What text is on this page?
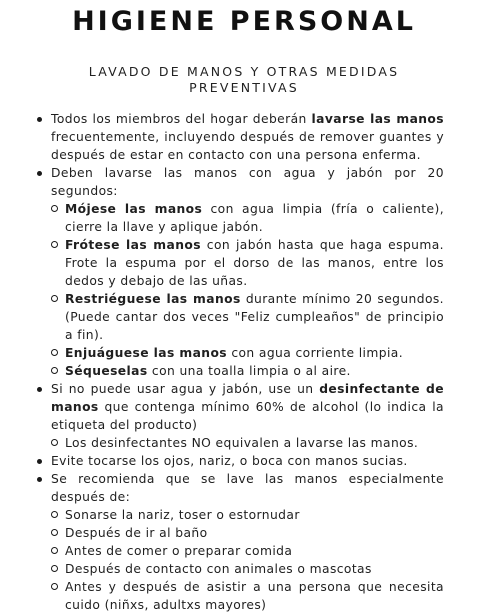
HIGIENE PERSONAL
LAVADO DE MANOS Y OTRAS MEDIDAS
PREVENTIVAS
Todos los miembros del hogar deberán lavarse las manos frecuentemente, incluyendo después de remover guantes y después de estar en contacto con una persona enferma.
Deben lavarse las manos con agua y jabón por 20 segundos:
Mójese las manos con agua limpia (fría o caliente), cierre la llave y aplique jabón.
Frótese las manos con jabón hasta que haga espuma. Frote la espuma por el dorso de las manos, entre los dedos y debajo de las uñas.
Restriéguese las manos durante mínimo 20 segundos. (Puede cantar dos veces "Feliz cumpleaños" de principio a fin).
Enjuáguese las manos con agua corriente limpia.
Séqueselas con una toalla limpia o al aire.
Si no puede usar agua y jabón, use un desinfectante de manos que contenga mínimo 60% de alcohol (lo indica la etiqueta del producto)
Los desinfectantes NO equivalen a lavarse las manos.
Evite tocarse los ojos, nariz, o boca con manos sucias.
Se recomienda que se lave las manos especialmente después de:
Sonarse la nariz, toser o estornudar
Después de ir al baño
Antes de comer o preparar comida
Después de contacto con animales o mascotas
Antes y después de asistir a una persona que necesita cuido (niñxs, adultxs mayores)
